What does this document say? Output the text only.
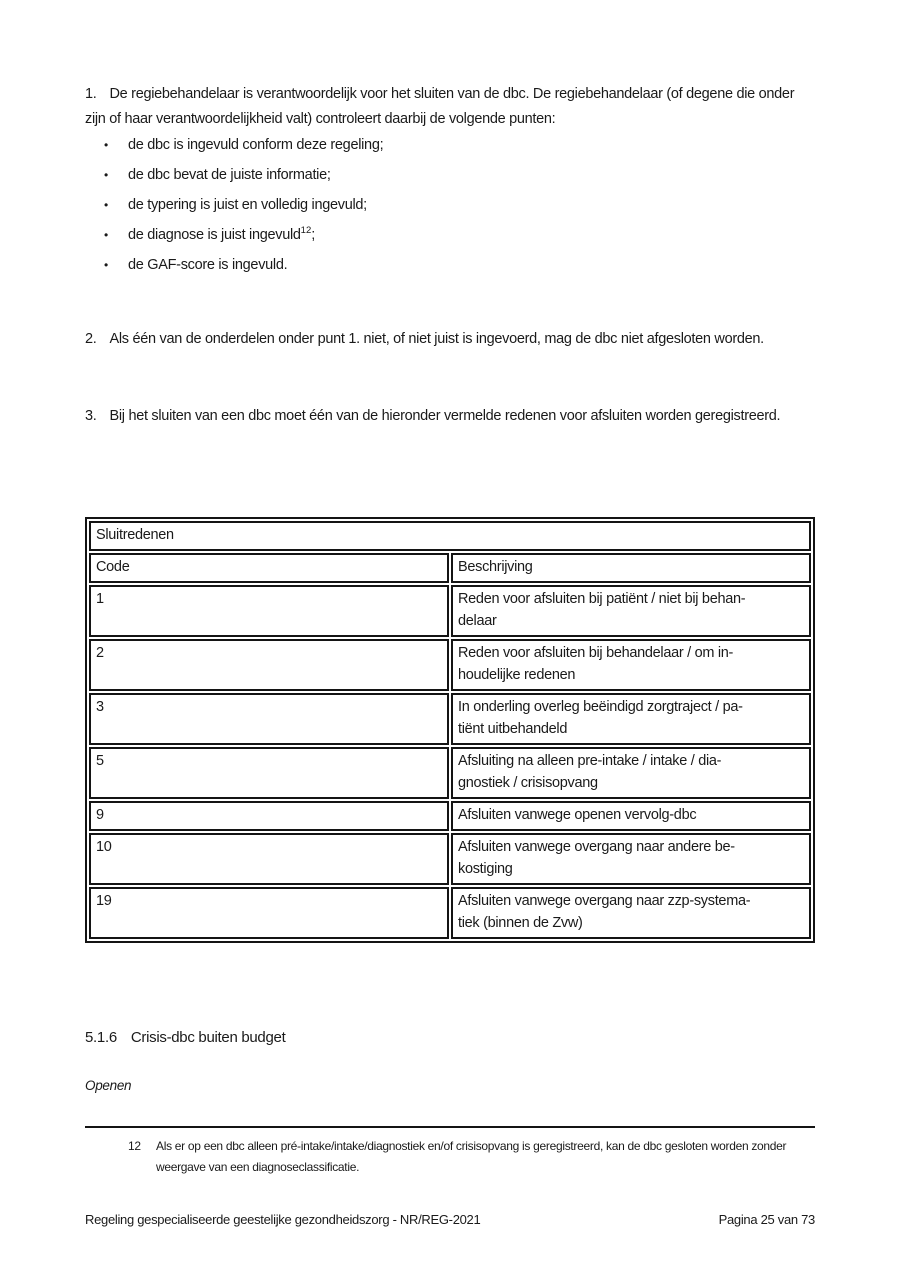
1. De regiebehandelaar is verantwoordelijk voor het sluiten van de dbc. De regiebehandelaar (of degene die onder zijn of haar verantwoordelijkheid valt) controleert daarbij de volgende punten:

•	de dbc is ingevuld conform deze regeling;
•	de dbc bevat de juiste informatie;
•	de typering is juist en volledig ingevuld;
•	de diagnose is juist ingevuld$^{12}$;
•	de GAF-score is ingevuld.

2. Als één van de onderdelen onder punt 1. niet, of niet juist is ingevoerd, mag de dbc niet afgesloten worden.

3. Bij het sluiten van een dbc moet één van de hieronder vermelde redenen voor afsluiten worden geregistreerd.

Sluitredenen	
Code	Beschrijving
1	Reden voor afsluiten bij patiënt / niet bij behan-
delaar

2	Reden voor afsluiten bij behandelaar / om in-
houdelijke redenen

3	In onderling overleg beëindigd zorgtraject / pa-
tiënt uitbehandeld

5	Afsluiting na alleen pre-intake / intake / dia-
gnostiek / crisisopvang

9	Afsluiten vanwege openen vervolg-dbc

10	Afsluiten vanwege overgang naar andere be-
kostiging

19	Afsluiten vanwege overgang naar zzp-systema-
tiek (binnen de Zvw)
5.1.6 Crisis-dbc buiten budget
Openen
12	Als er op een dbc alleen pré-intake/intake/diagnostiek en/of crisisopvang is geregistreerd, kan de dbc gesloten worden zonder weergave van een diagnoseclassificatie.
Regeling gespecialiseerde geestelijke gezondheidszorg - NR/REG-2021	Pagina 25 van 73
